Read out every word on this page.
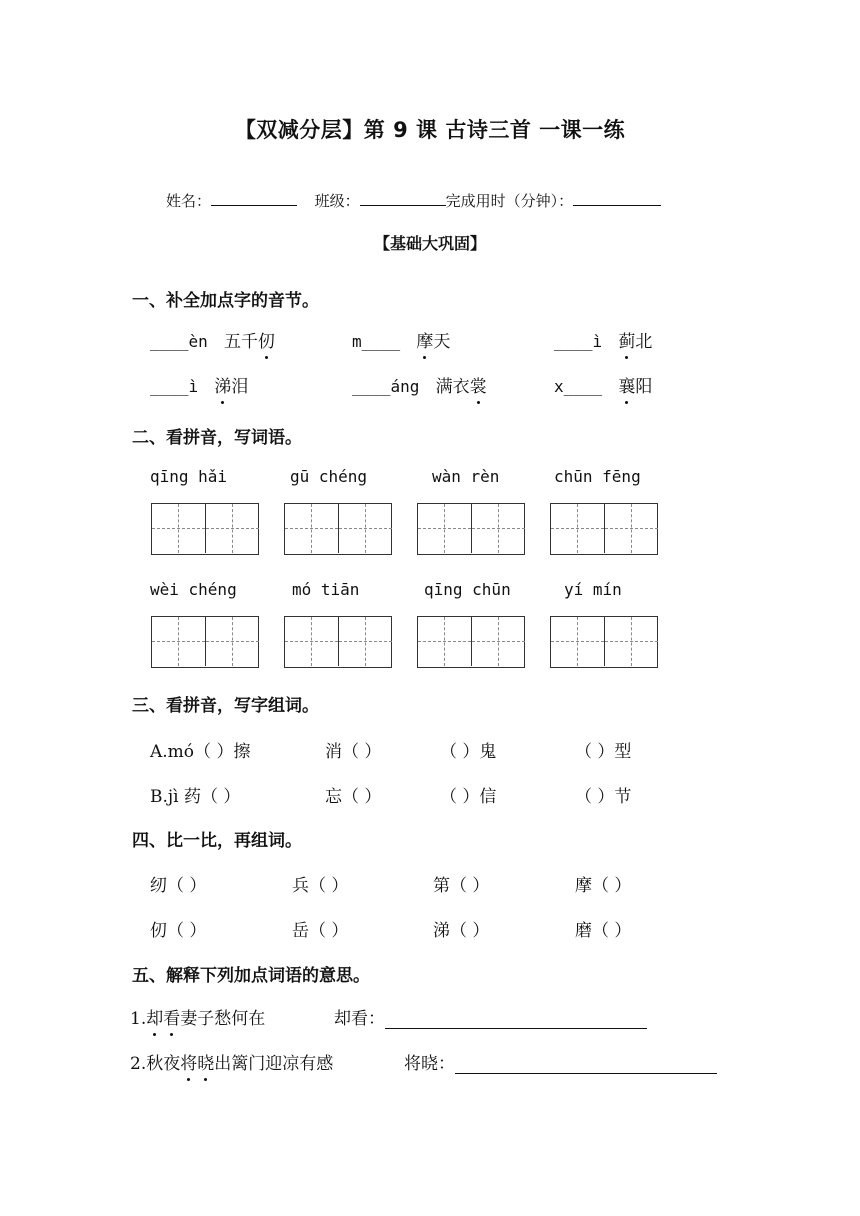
【双减分层】第 9 课 古诗三首 一课一练
姓名：	班级：	完成用时（分钟）：
【基础大巩固】
一、补全加点字的音节。
____èn 五千仞	m____ 摩天	____ì 蓟北
____ì 涕泪	____áng 满衣裳	x____ 襄阳
二、看拼音，写词语。
qīng hǎi	gū chéng	wàn rèn	chūn fēng
wèi chéng	mó tiān	qīng chūn	yí mín
三、看拼音，写字组词。
A.mó（ ）擦	消（ ）	（ ）鬼	（ ）型
B.jì 药（ ）	忘（ ）	（ ）信	（ ）节
四、比一比，再组词。
纫（ ）	兵（ ）	第（ ）	摩（ ）
仞（ ）	岳（ ）	涕（ ）	磨（ ）
五、解释下列加点词语的意思。
1.却看妻子愁何在	却看：
2.秋夜将晓出篱门迎凉有感	将晓：
